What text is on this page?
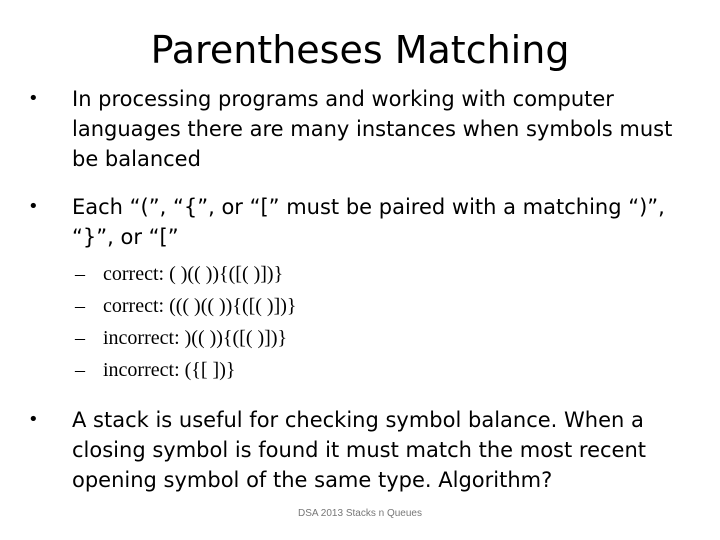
Parentheses Matching
•	In processing programs and working with computer languages there are many instances when symbols must be balanced
•	Each “(”, “{”, or “[” must be paired with a matching “)”, “}”, or “[”
– correct: ( )(( )){([( )])}
– correct: ((( )(( )){([( )])}
– incorrect: )(( )){([( )])}
– incorrect: ({[ ])}
•	A stack is useful for checking symbol balance. When a closing symbol is found it must match the most recent opening symbol of the same type. Algorithm?
DSA 2013 Stacks n Queues
